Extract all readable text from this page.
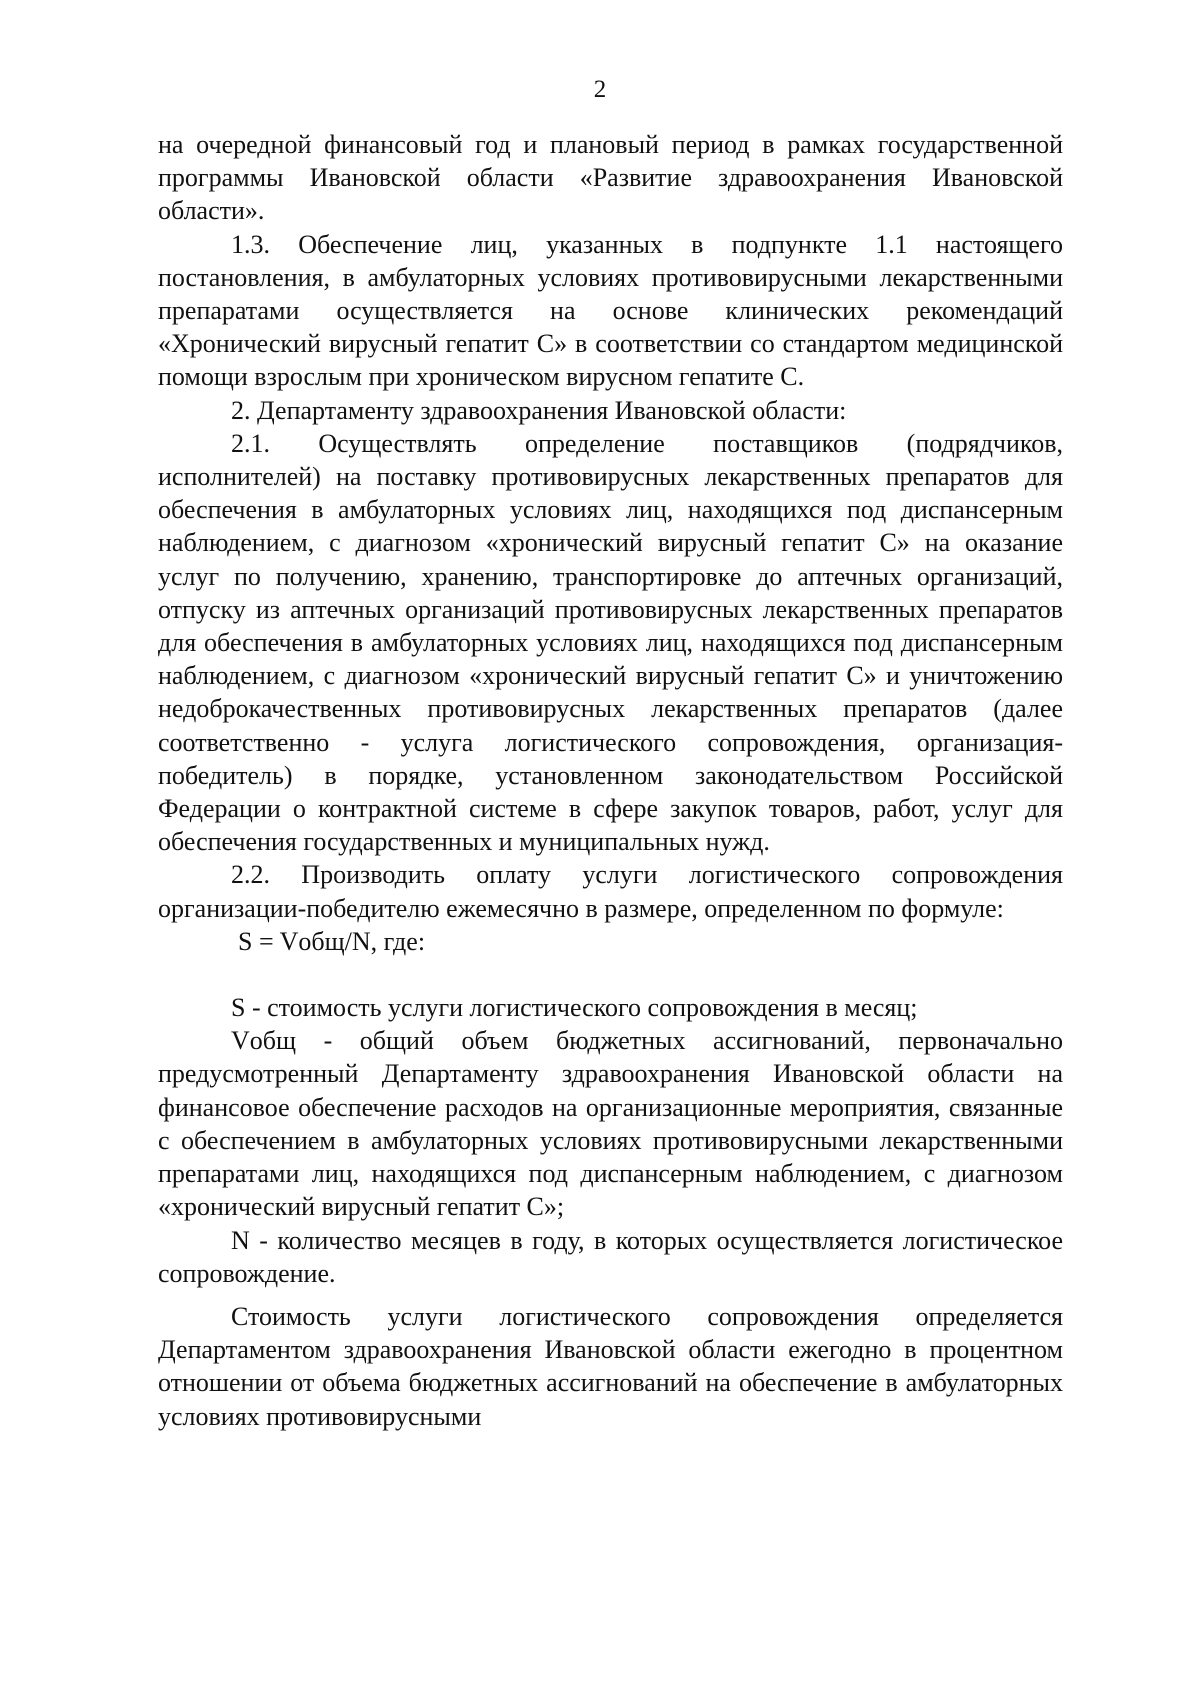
2

на очередной финансовый год и плановый период в рамках государственной программы Ивановской области «Развитие здравоохранения Ивановской области».

1.3. Обеспечение лиц, указанных в подпункте 1.1 настоящего постановления, в амбулаторных условиях противовирусными лекарственными препаратами осуществляется на основе клинических рекомендаций «Хронический вирусный гепатит С» в соответствии со стандартом медицинской помощи взрослым при хроническом вирусном гепатите С.

2. Департаменту здравоохранения Ивановской области:

2.1. Осуществлять определение поставщиков (подрядчиков, исполнителей) на поставку противовирусных лекарственных препаратов для обеспечения в амбулаторных условиях лиц, находящихся под диспансерным наблюдением, с диагнозом «хронический вирусный гепатит С» на оказание услуг по получению, хранению, транспортировке до аптечных организаций, отпуску из аптечных организаций противовирусных лекарственных препаратов для обеспечения в амбулаторных условиях лиц, находящихся под диспансерным наблюдением, с диагнозом «хронический вирусный гепатит С» и уничтожению недоброкачественных противовирусных лекарственных препаратов (далее соответственно - услуга логистического сопровождения, организация-победитель) в порядке, установленном законодательством Российской Федерации о контрактной системе в сфере закупок товаров, работ, услуг для обеспечения государственных и муниципальных нужд.

2.2. Производить оплату услуги логистического сопровождения организации-победителю ежемесячно в размере, определенном по формуле:

S = Vобщ/N, где:

S - стоимость услуги логистического сопровождения в месяц;

Vобщ - общий объем бюджетных ассигнований, первоначально предусмотренный Департаменту здравоохранения Ивановской области на финансовое обеспечение расходов на организационные мероприятия, связанные с обеспечением в амбулаторных условиях противовирусными лекарственными препаратами лиц, находящихся под диспансерным наблюдением, с диагнозом «хронический вирусный гепатит С»;

N - количество месяцев в году, в которых осуществляется логистическое сопровождение.

Стоимость услуги логистического сопровождения определяется Департаментом здравоохранения Ивановской области ежегодно в процентном отношении от объема бюджетных ассигнований на обеспечение в амбулаторных условиях противовирусными
